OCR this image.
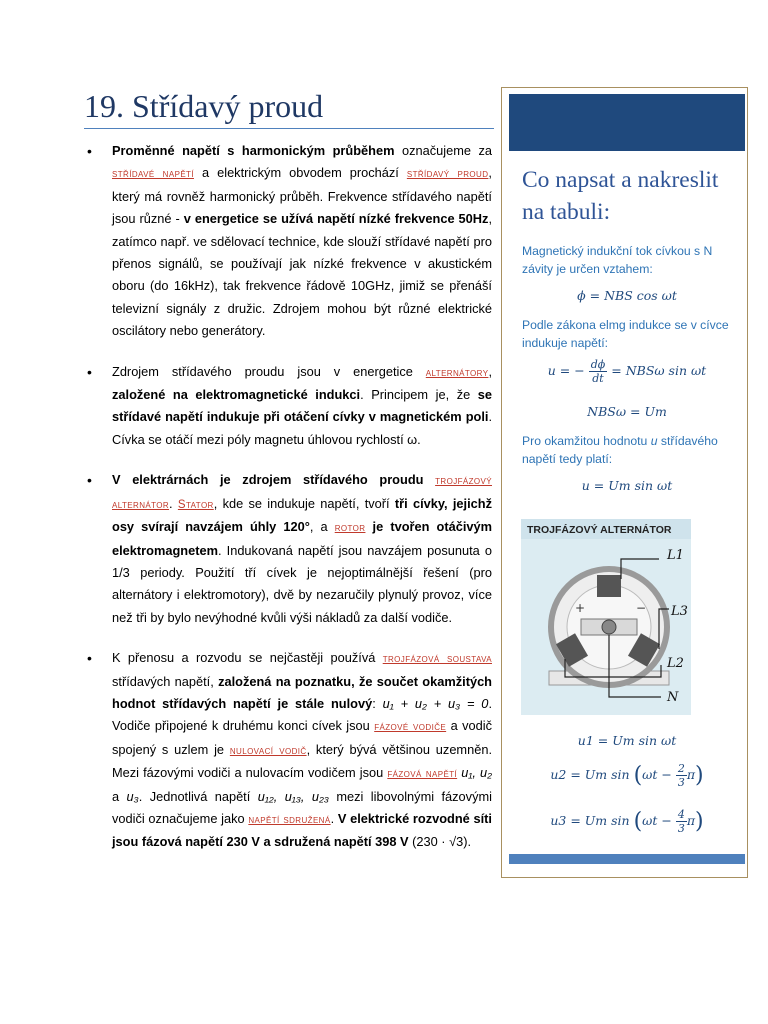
19. Střídavý proud

• Proměnné napětí s harmonickým průběhem označujeme za střídavé napětí a elektrickým obvodem prochází střídavý proud, který má rovněž harmonický průběh. Frekvence střídavého napětí jsou různé - v energetice se užívá napětí nízké frekvence 50Hz, zatímco např. ve sdělovací technice, kde slouží střídavé napětí pro přenos signálů, se používají jak nízké frekvence v akustickém oboru (do 16kHz), tak frekvence řádově 10GHz, jimiž se přenáší televizní signály z družic. Zdrojem mohou být různé elektrické oscilátory nebo generátory.

• Zdrojem střídavého proudu jsou v energetice alternátory, založené na elektromagnetické indukci. Principem je, že se střídavé napětí indukuje při otáčení cívky v magnetickém poli. Cívka se otáčí mezi póly magnetu úhlovou rychlostí ω.

• V elektrárnách je zdrojem střídavého proudu trojfázový alternátor. Stator, kde se indukuje napětí, tvoří tři cívky, jejichž osy svírají navzájem úhly 120°, a rotor je tvořen otáčivým elektromagnetem. Indukovaná napětí jsou navzájem posunuta o 1/3 periody. Použití tří cívek je nejoptimálnější řešení (pro alternátory i elektromotory), dvě by nezaručily plynulý provoz, více než tři by bylo nevýhodné kvůli výši nákladů za další vodiče.

• K přenosu a rozvodu se nejčastěji používá trojfázová soustava střídavých napětí, založená na poznatku, že součet okamžitých hodnot střídavých napětí je stále nulový: u₁ + u₂ + u₃ = 0. Vodiče připojené k druhému konci cívek jsou fázové vodiče a vodič spojený s uzlem je nulovací vodič, který bývá většinou uzemněn. Mezi fázovými vodiči a nulovacím vodičem jsou fázová napětí u₁, u₂ a u₃. Jednotlivá napětí u₁₂, u₁₃, u₂₃ mezi libovolnými fázovými vodiči označujeme jako napětí sdružená. V elektrické rozvodné síti jsou fázová napětí 230 V a sdružená napětí 398 V (230 · √3).

Co napsat a nakreslit na tabuli:
Magnetický indukční tok cívkou s N závity je určen vztahem:
ϕ = NBS cos ωt
Podle zákona elmg indukce se v cívce indukuje napětí:
u = − $\frac{d\phi}{dt} = NBS\omega$ sin ωt
NBSω = Um
Pro okamžitou hodnotu u střídavého napětí tedy platí:
u = Um sin ωt
TROJFÁZOVÝ ALTERNÁTOR
+	−
L1
L3
L2
N
u1 = Um sin ωt
u2 = Um $\sin (\omega t - \frac{2}{3} \pi)$
u3 = Um $\sin (\omega t - \frac{4}{3} \pi)$
